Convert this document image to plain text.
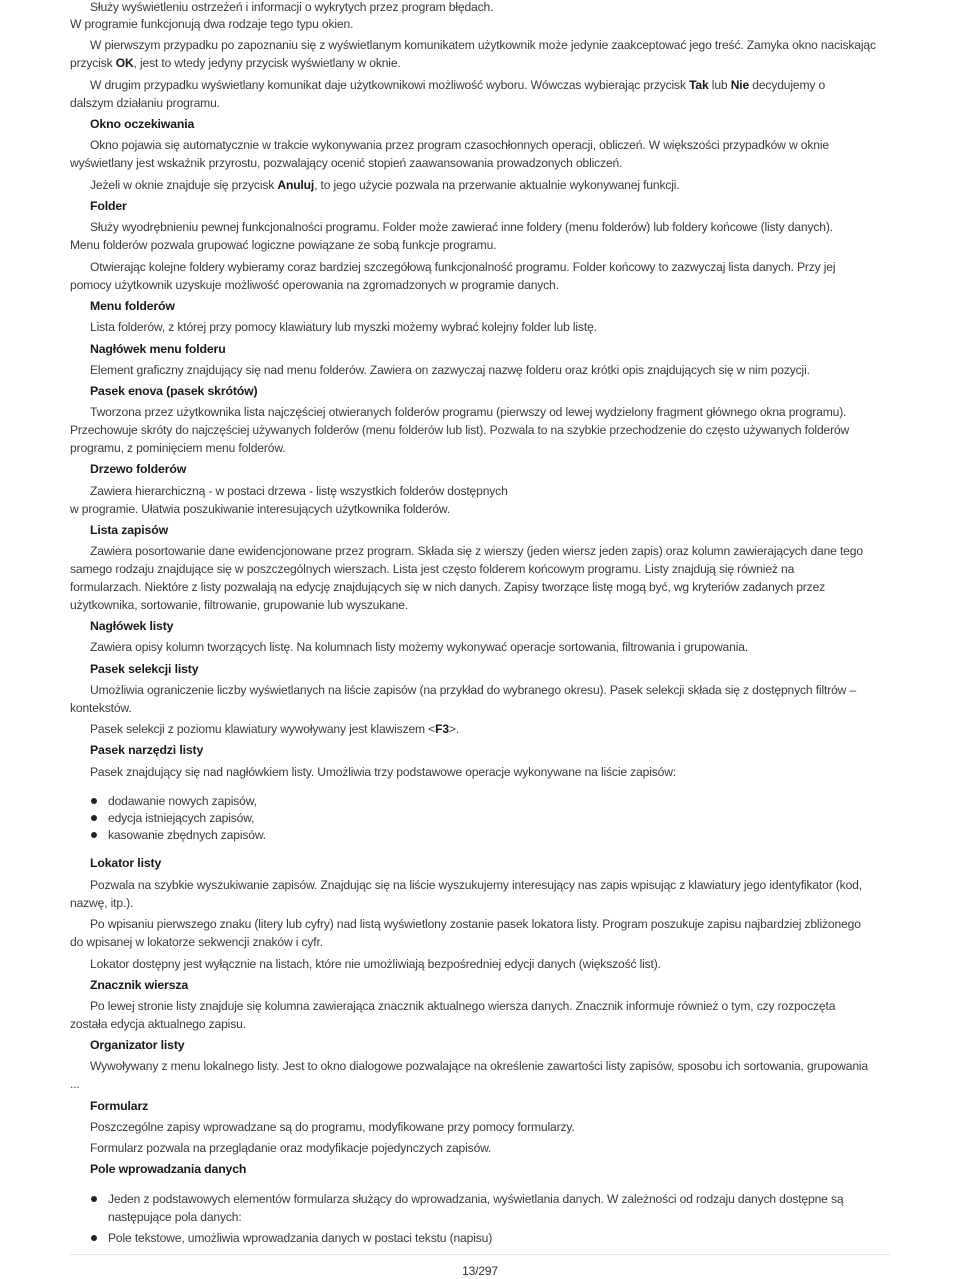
Służy wyświetleniu ostrzeżeń i informacji o wykrytych przez program błędach.
W programie funkcjonują dwa rodzaje tego typu okien.
W pierwszym przypadku po zapoznaniu się z wyświetlanym komunikatem użytkownik może jedynie zaakceptować jego treść. Zamyka okno naciskając
przycisk OK, jest to wtedy jedyny przycisk wyświetlany w oknie.
W drugim przypadku wyświetlany komunikat daje użytkownikowi możliwość wyboru. Wówczas wybierając przycisk Tak lub Nie decydujemy o
dalszym działaniu programu.
Okno oczekiwania
Okno pojawia się automatycznie w trakcie wykonywania przez program czasochłonnych operacji, obliczeń. W większości przypadków w oknie
wyświetlany jest wskaźnik przyrostu, pozwalający ocenić stopień zaawansowania prowadzonych obliczeń.
Jeżeli w oknie znajduje się przycisk Anuluj, to jego użycie pozwala na przerwanie aktualnie wykonywanej funkcji.
Folder
Służy wyodrębnieniu pewnej funkcjonalności programu. Folder może zawierać inne foldery (menu folderów) lub foldery końcowe (listy danych).
Menu folderów pozwala grupować logiczne powiązane ze sobą funkcje programu.
Otwierając kolejne foldery wybieramy coraz bardziej szczegółową funkcjonalność programu. Folder końcowy to zazwyczaj lista danych. Przy jej
pomocy użytkownik uzyskuje możliwość operowania na zgromadzonych w programie danych.
Menu folderów
Lista folderów, z której przy pomocy klawiatury lub myszki możemy wybrać kolejny folder lub listę.
Nagłówek menu folderu
Element graficzny znajdujący się nad menu folderów. Zawiera on zazwyczaj nazwę folderu oraz krótki opis znajdujących się w nim pozycji.
Pasek enova (pasek skrótów)
Tworzona przez użytkownika lista najczęściej otwieranych folderów programu (pierwszy od lewej wydzielony fragment głównego okna programu).
Przechowuje skróty do najczęściej używanych folderów (menu folderów lub list). Pozwala to na szybkie przechodzenie do często używanych folderów
programu, z pominięciem menu folderów.
Drzewo folderów
Zawiera hierarchiczną - w postaci drzewa - listę wszystkich folderów dostępnych
w programie. Ułatwia poszukiwanie interesujących użytkownika folderów.
Lista zapisów
Zawiera posortowanie dane ewidencjonowane przez program. Składa się z wierszy (jeden wiersz jeden zapis) oraz kolumn zawierających dane tego
samego rodzaju znajdujące się w poszczególnych wierszach. Lista jest często folderem końcowym programu. Listy znajdują się również na
formularzach. Niektóre z listy pozwalają na edycję znajdujących się w nich danych. Zapisy tworzące listę mogą być, wg kryteriów zadanych przez
użytkownika, sortowanie, filtrowanie, grupowanie lub wyszukane.
Nagłówek listy
Zawiera opisy kolumn tworzących listę. Na kolumnach listy możemy wykonywać operacje sortowania, filtrowania i grupowania.
Pasek selekcji listy
Umożliwia ograniczenie liczby wyświetlanych na liście zapisów (na przykład do wybranego okresu). Pasek selekcji składa się z dostępnych filtrów –
kontekstów.
Pasek selekcji z poziomu klawiatury wywoływany jest klawiszem <F3>.
Pasek narzędzi listy
Pasek znajdujący się nad nagłówkiem listy. Umożliwia trzy podstawowe operacje wykonywane na liście zapisów:
dodawanie nowych zapisów,
edycja istniejących zapisów,
kasowanie zbędnych zapisów.
Lokator listy
Pozwala na szybkie wyszukiwanie zapisów. Znajdując się na liście wyszukujemy interesujący nas zapis wpisując z klawiatury jego identyfikator (kod,
nazwę, itp.).
Po wpisaniu pierwszego znaku (litery lub cyfry) nad listą wyświetlony zostanie pasek lokatora listy. Program poszukuje zapisu najbardziej zbliżonego
do wpisanej w lokatorze sekwencji znaków i cyfr.
Lokator dostępny jest wyłącznie na listach, które nie umożliwiają bezpośredniej edycji danych (większość list).
Znacznik wiersza
Po lewej stronie listy znajduje się kolumna zawierająca znacznik aktualnego wiersza danych. Znacznik informuje również o tym, czy rozpoczęta
została edycja aktualnego zapisu.
Organizator listy
Wywoływany z menu lokalnego listy. Jest to okno dialogowe pozwalające na określenie zawartości listy zapisów, sposobu ich sortowania, grupowania
...
Formularz
Poszczególne zapisy wprowadzane są do programu, modyfikowane przy pomocy formularzy.
Formularz pozwala na przeglądanie oraz modyfikacje pojedynczych zapisów.
Pole wprowadzania danych
Jeden z podstawowych elementów formularza służący do wprowadzania, wyświetlania danych. W zależności od rodzaju danych dostępne są
następujące pola danych:
Pole tekstowe, umożliwia wprowadzania danych w postaci tekstu (napisu)
13/297
